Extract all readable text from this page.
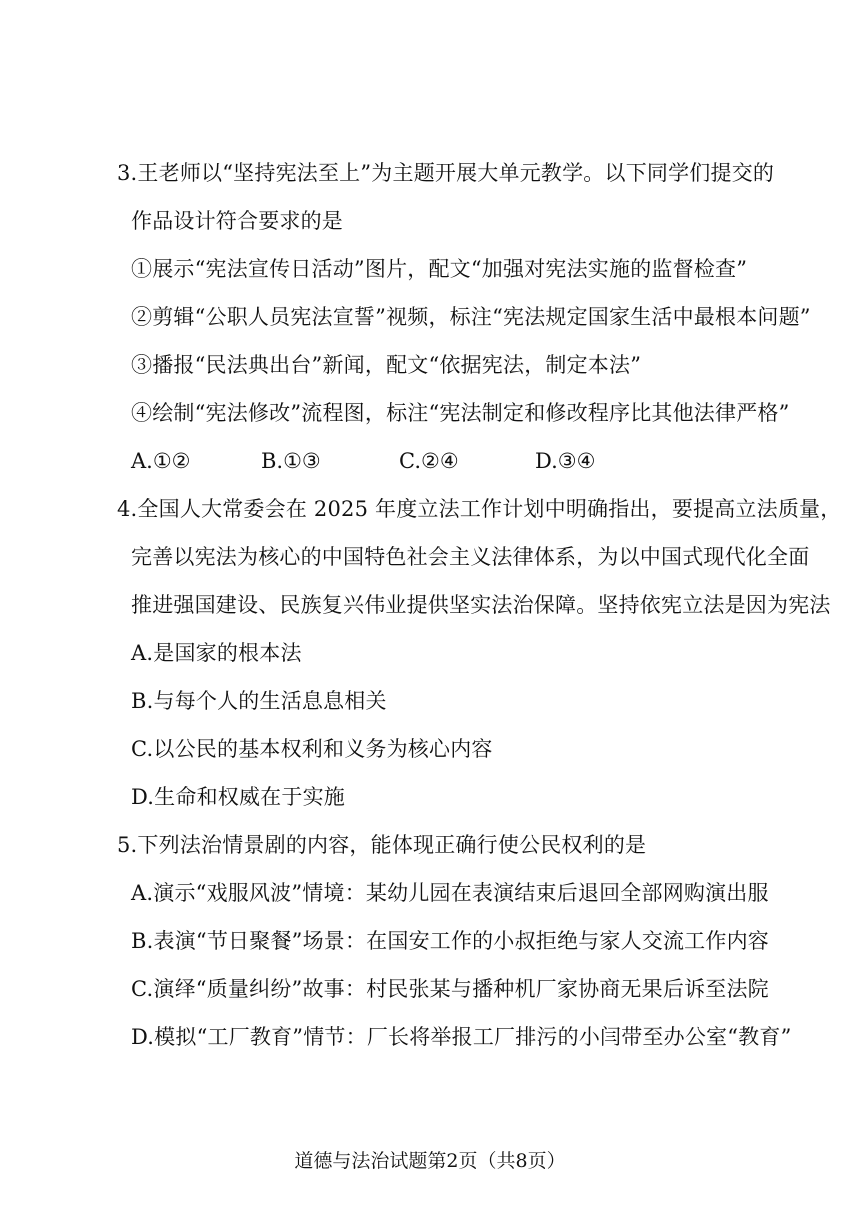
3.王老师以“坚持宪法至上”为主题开展大单元教学。以下同学们提交的
作品设计符合要求的是
①展示“宪法宣传日活动”图片，配文“加强对宪法实施的监督检查”
②剪辑“公职人员宪法宣誓”视频，标注“宪法规定国家生活中最根本问题”
③播报“民法典出台”新闻，配文“依据宪法，制定本法”
④绘制“宪法修改”流程图，标注“宪法制定和修改程序比其他法律严格”
A.①②	B.①③	C.②④	D.③④
4.全国人大常委会在 2025 年度立法工作计划中明确指出，要提高立法质量，
完善以宪法为核心的中国特色社会主义法律体系，为以中国式现代化全面
推进强国建设、民族复兴伟业提供坚实法治保障。坚持依宪立法是因为宪法
A.是国家的根本法
B.与每个人的生活息息相关
C.以公民的基本权利和义务为核心内容
D.生命和权威在于实施
5.下列法治情景剧的内容，能体现正确行使公民权利的是
A.演示“戏服风波”情境：某幼儿园在表演结束后退回全部网购演出服
B.表演“节日聚餐”场景：在国安工作的小叔拒绝与家人交流工作内容
C.演绎“质量纠纷”故事：村民张某与播种机厂家协商无果后诉至法院
D.模拟“工厂教育”情节：厂长将举报工厂排污的小闫带至办公室“教育”
道德与法治试题第2页（共8页）
